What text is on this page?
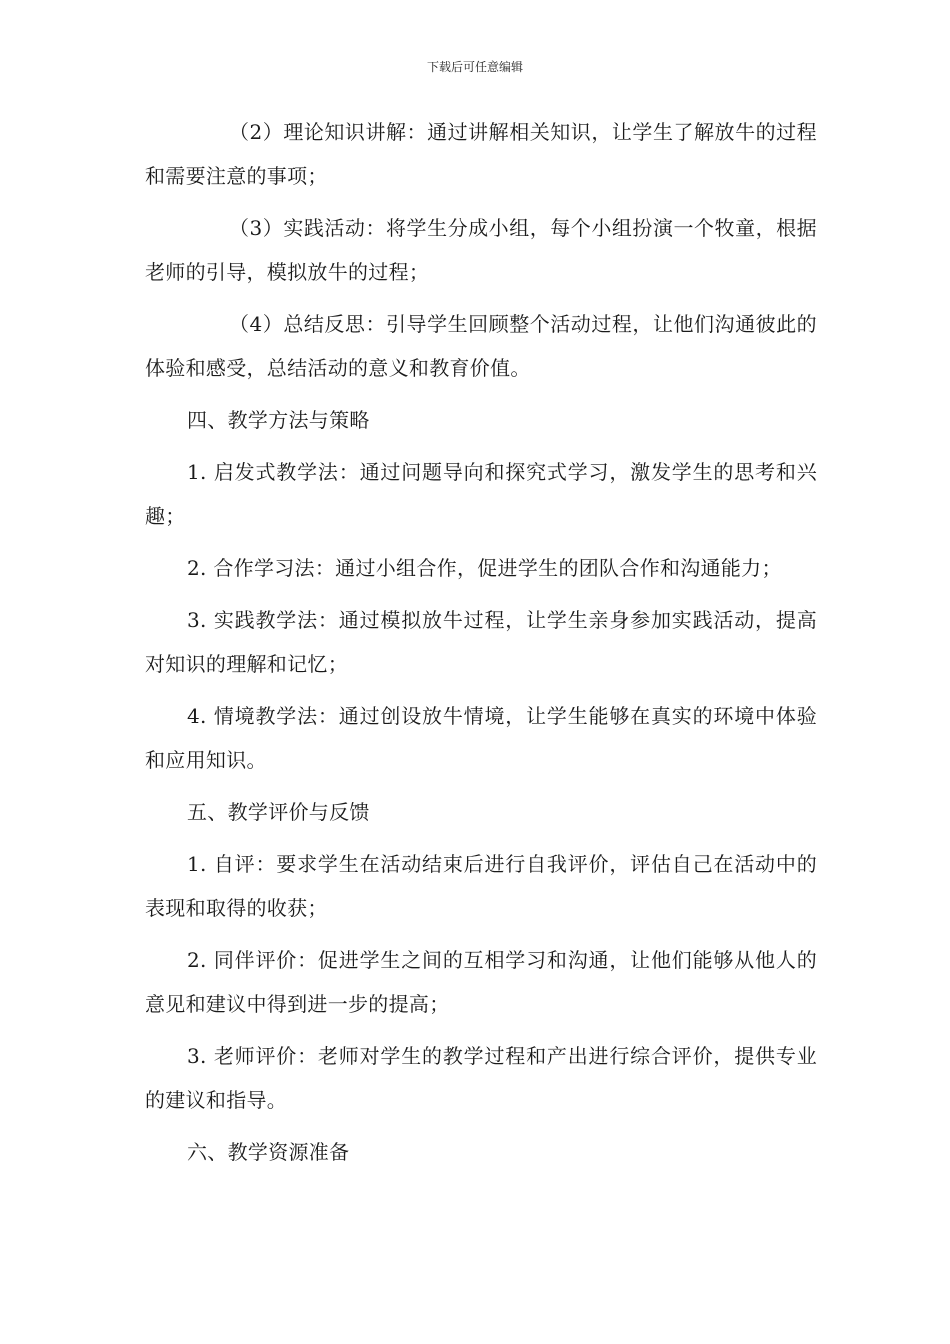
下载后可任意编辑

（2）理论知识讲解：通过讲解相关知识，让学生了解放牛的过程和需要注意的事项；

（3）实践活动：将学生分成小组，每个小组扮演一个牧童，根据老师的引导，模拟放牛的过程；

（4）总结反思：引导学生回顾整个活动过程，让他们沟通彼此的体验和感受，总结活动的意义和教育价值。

四、教学方法与策略

1. 启发式教学法：通过问题导向和探究式学习，激发学生的思考和兴趣；

2. 合作学习法：通过小组合作，促进学生的团队合作和沟通能力；

3. 实践教学法：通过模拟放牛过程，让学生亲身参加实践活动，提高对知识的理解和记忆；

4. 情境教学法：通过创设放牛情境，让学生能够在真实的环境中体验和应用知识。

五、教学评价与反馈

1. 自评：要求学生在活动结束后进行自我评价，评估自己在活动中的表现和取得的收获；

2. 同伴评价：促进学生之间的互相学习和沟通，让他们能够从他人的意见和建议中得到进一步的提高；

3. 老师评价：老师对学生的教学过程和产出进行综合评价，提供专业的建议和指导。

六、教学资源准备
